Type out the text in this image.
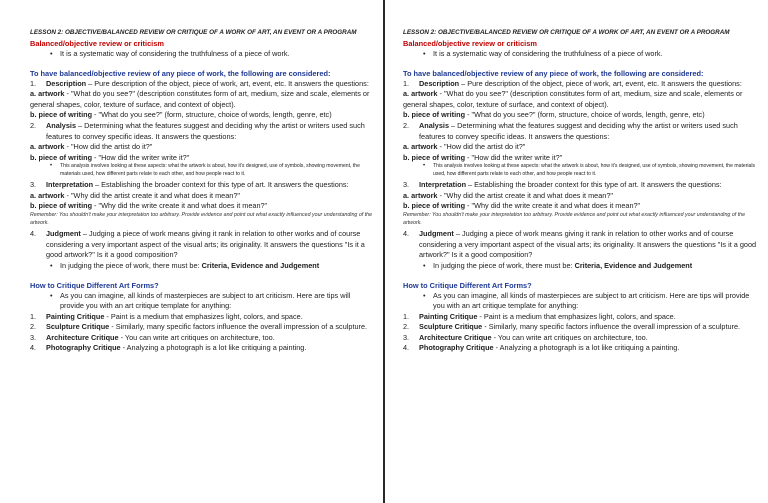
LESSON 2: OBJECTIVE/BALANCED REVIEW OR CRITIQUE OF A WORK OF ART, AN EVENT OR A PROGRAM

Balanced/objective review or criticism

• It is a systematic way of considering the truthfulness of a piece of work.

To have balanced/objective review of any piece of work, the following are considered:

1. Description – Pure description of the object, piece of work, art, event, etc. It answers the questions:

a. artwork - "What do you see?" (description constitutes form of art, medium, size and scale, elements or general shapes, color, texture of surface, and context of object).

b. piece of writing - "What do you see?" (form, structure, choice of words, length, genre, etc)

2. Analysis – Determining what the features suggest and deciding why the artist or writers used such features to convey specific ideas. It answers the questions:

a. artwork - "How did the artist do it?"

b. piece of writing - "How did the writer write it?"

• This analysis involves looking at these aspects: what the artwork is about, how it's designed, use of symbols, showing movement, the materials used, how different parts relate to each other, and how people react to it.

3. Interpretation – Establishing the broader context for this type of art. It answers the questions:

a. artwork - "Why did the artist create it and what does it mean?"

b. piece of writing - "Why did the write create it and what does it mean?"

Remember: You shouldn't make your interpretation too arbitrary. Provide evidence and point out what exactly influenced your understanding of the artwork.

4. Judgment – Judging a piece of work means giving it rank in relation to other works and of course considering a very important aspect of the visual arts; its originality. It answers the questions "Is it a good artwork?" Is it a good composition?

• In judging the piece of work, there must be: Criteria, Evidence and Judgement

How to Critique Different Art Forms?

• As you can imagine, all kinds of masterpieces are subject to art criticism. Here are tips will provide you with an art critique template for anything:

1. Painting Critique - Paint is a medium that emphasizes light, colors, and space.

2. Sculpture Critique - Similarly, many specific factors influence the overall impression of a sculpture.

3. Architecture Critique - You can write art critiques on architecture, too.

4. Photography Critique - Analyzing a photograph is a lot like critiquing a painting.

LESSON 2: OBJECTIVE/BALANCED REVIEW OR CRITIQUE OF A WORK OF ART, AN EVENT OR A PROGRAM

Balanced/objective review or criticism

• It is a systematic way of considering the truthfulness of a piece of work.

To have balanced/objective review of any piece of work, the following are considered:

1. Description – Pure description of the object, piece of work, art, event, etc. It answers the questions:

a. artwork - "What do you see?" (description constitutes form of art, medium, size and scale, elements or general shapes, color, texture of surface, and context of object).

b. piece of writing - "What do you see?" (form, structure, choice of words, length, genre, etc)

2. Analysis – Determining what the features suggest and deciding why the artist or writers used such features to convey specific ideas. It answers the questions:

a. artwork - "How did the artist do it?"

b. piece of writing - "How did the writer write it?"

• This analysis involves looking at these aspects: what the artwork is about, how it's designed, use of symbols, showing movement, the materials used, how different parts relate to each other, and how people react to it.

3. Interpretation – Establishing the broader context for this type of art. It answers the questions:

a. artwork - "Why did the artist create it and what does it mean?"

b. piece of writing - "Why did the write create it and what does it mean?"

Remember: You shouldn't make your interpretation too arbitrary. Provide evidence and point out what exactly influenced your understanding of the artwork.

4. Judgment – Judging a piece of work means giving it rank in relation to other works and of course considering a very important aspect of the visual arts; its originality. It answers the questions "Is it a good artwork?" Is it a good composition?

• In judging the piece of work, there must be: Criteria, Evidence and Judgement

How to Critique Different Art Forms?

• As you can imagine, all kinds of masterpieces are subject to art criticism. Here are tips will provide you with an art critique template for anything:

1. Painting Critique - Paint is a medium that emphasizes light, colors, and space.

2. Sculpture Critique - Similarly, many specific factors influence the overall impression of a sculpture.

3. Architecture Critique - You can write art critiques on architecture, too.

4. Photography Critique - Analyzing a photograph is a lot like critiquing a painting.
